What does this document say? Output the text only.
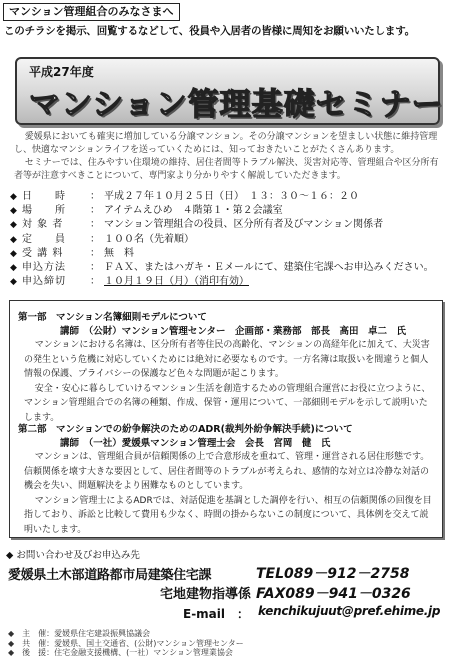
マンション管理組合のみなさまへ
このチラシを掲示、回覧するなどして、役員や入居者の皆様に周知をお願いいたします。
平成27年度
マンション管理基礎セミナー

愛媛県においても確実に増加している分譲マンション。その分譲マンションを望ましい状態に維持管理し、快適なマンションライフを送っていくためには、知っておきたいことがたくさんあります。

セミナーでは、住みやすい住環境の維持、居住者間等トラブル解決、災害対応等、管理組合や区分所有者等が注意すべきことについて、専門家より分かりやすく解説していただきます。

◆ 日　　時 ： 平成２７年１０月２５日（日）　１３：３０～１６：２０
◆ 場　　所 ： アイテムえひめ　４階第１・第２会議室
◆ 対 象 者	： マンション管理組合の役員、区分所有者及びマンション関係者
◆ 定　　員 ： １００名（先着順）
◆ 受 講 料	： 無　料
◆ 申込方法 ： ＦＡＸ、またはハガキ・Ｅメールにて、建築住宅課へお申込みください。
◆ 申込締切 ： １０月１９日（月）（消印有効）
第一部　マンション名簿細則モデルについて
講師　（公財）マンション管理センター　企画部・業務部　部長　高田　卓二　氏

マンションにおける名簿は、区分所有者等住民の高齢化、マンションの高経年化に加えて、大災害の発生という危機に対応していくためには絶対に必要なものです。一方名簿は取扱いを間違うと個人情報の保護、プライバシーの保護など色々な問題が起こります。

安全・安心に暮らしていけるマンション生活を創造するための管理組合運営にお役に立つように、マンション管理組合での名簿の種類、作成、保管・運用について、一部細則モデルを示して説明いたします。

第二部　マンションでの紛争解決のためのADR(裁判外紛争解決手続)について
講師　（一社）愛媛県マンション管理士会　会長　宮岡　健　氏

マンションは、管理組合員が信頼関係の上で合意形成を重ねて、管理・運営される居住形態です。信頼関係を壊す大きな要因として、居住者間等のトラブルが考えられ、感情的な対立は冷静な対話の機会を失い、問題解決をより困難なものとしています。

マンション管理士によるADRでは、対話促進を基調とした調停を行い、相互の信頼関係の回復を目指しており、訴訟と比較して費用も少なく、時間の掛からないこの制度について、具体例を交えて説明いたします。

◆ お問い合わせ及びお申込み先
愛媛県土木部道路都市局建築住宅課
宅地建物指導係
TEL089－912－2758
FAX089－941－0326
E-mail　： kenchikujuut@pref.ehime.jp
◆　主　催：愛媛県住宅建設振興協議会
◆　共　催：愛媛県、国土交通省、(公財)マンション管理センター
◆　後　援：住宅金融支援機構、(一社）マンション管理業協会
